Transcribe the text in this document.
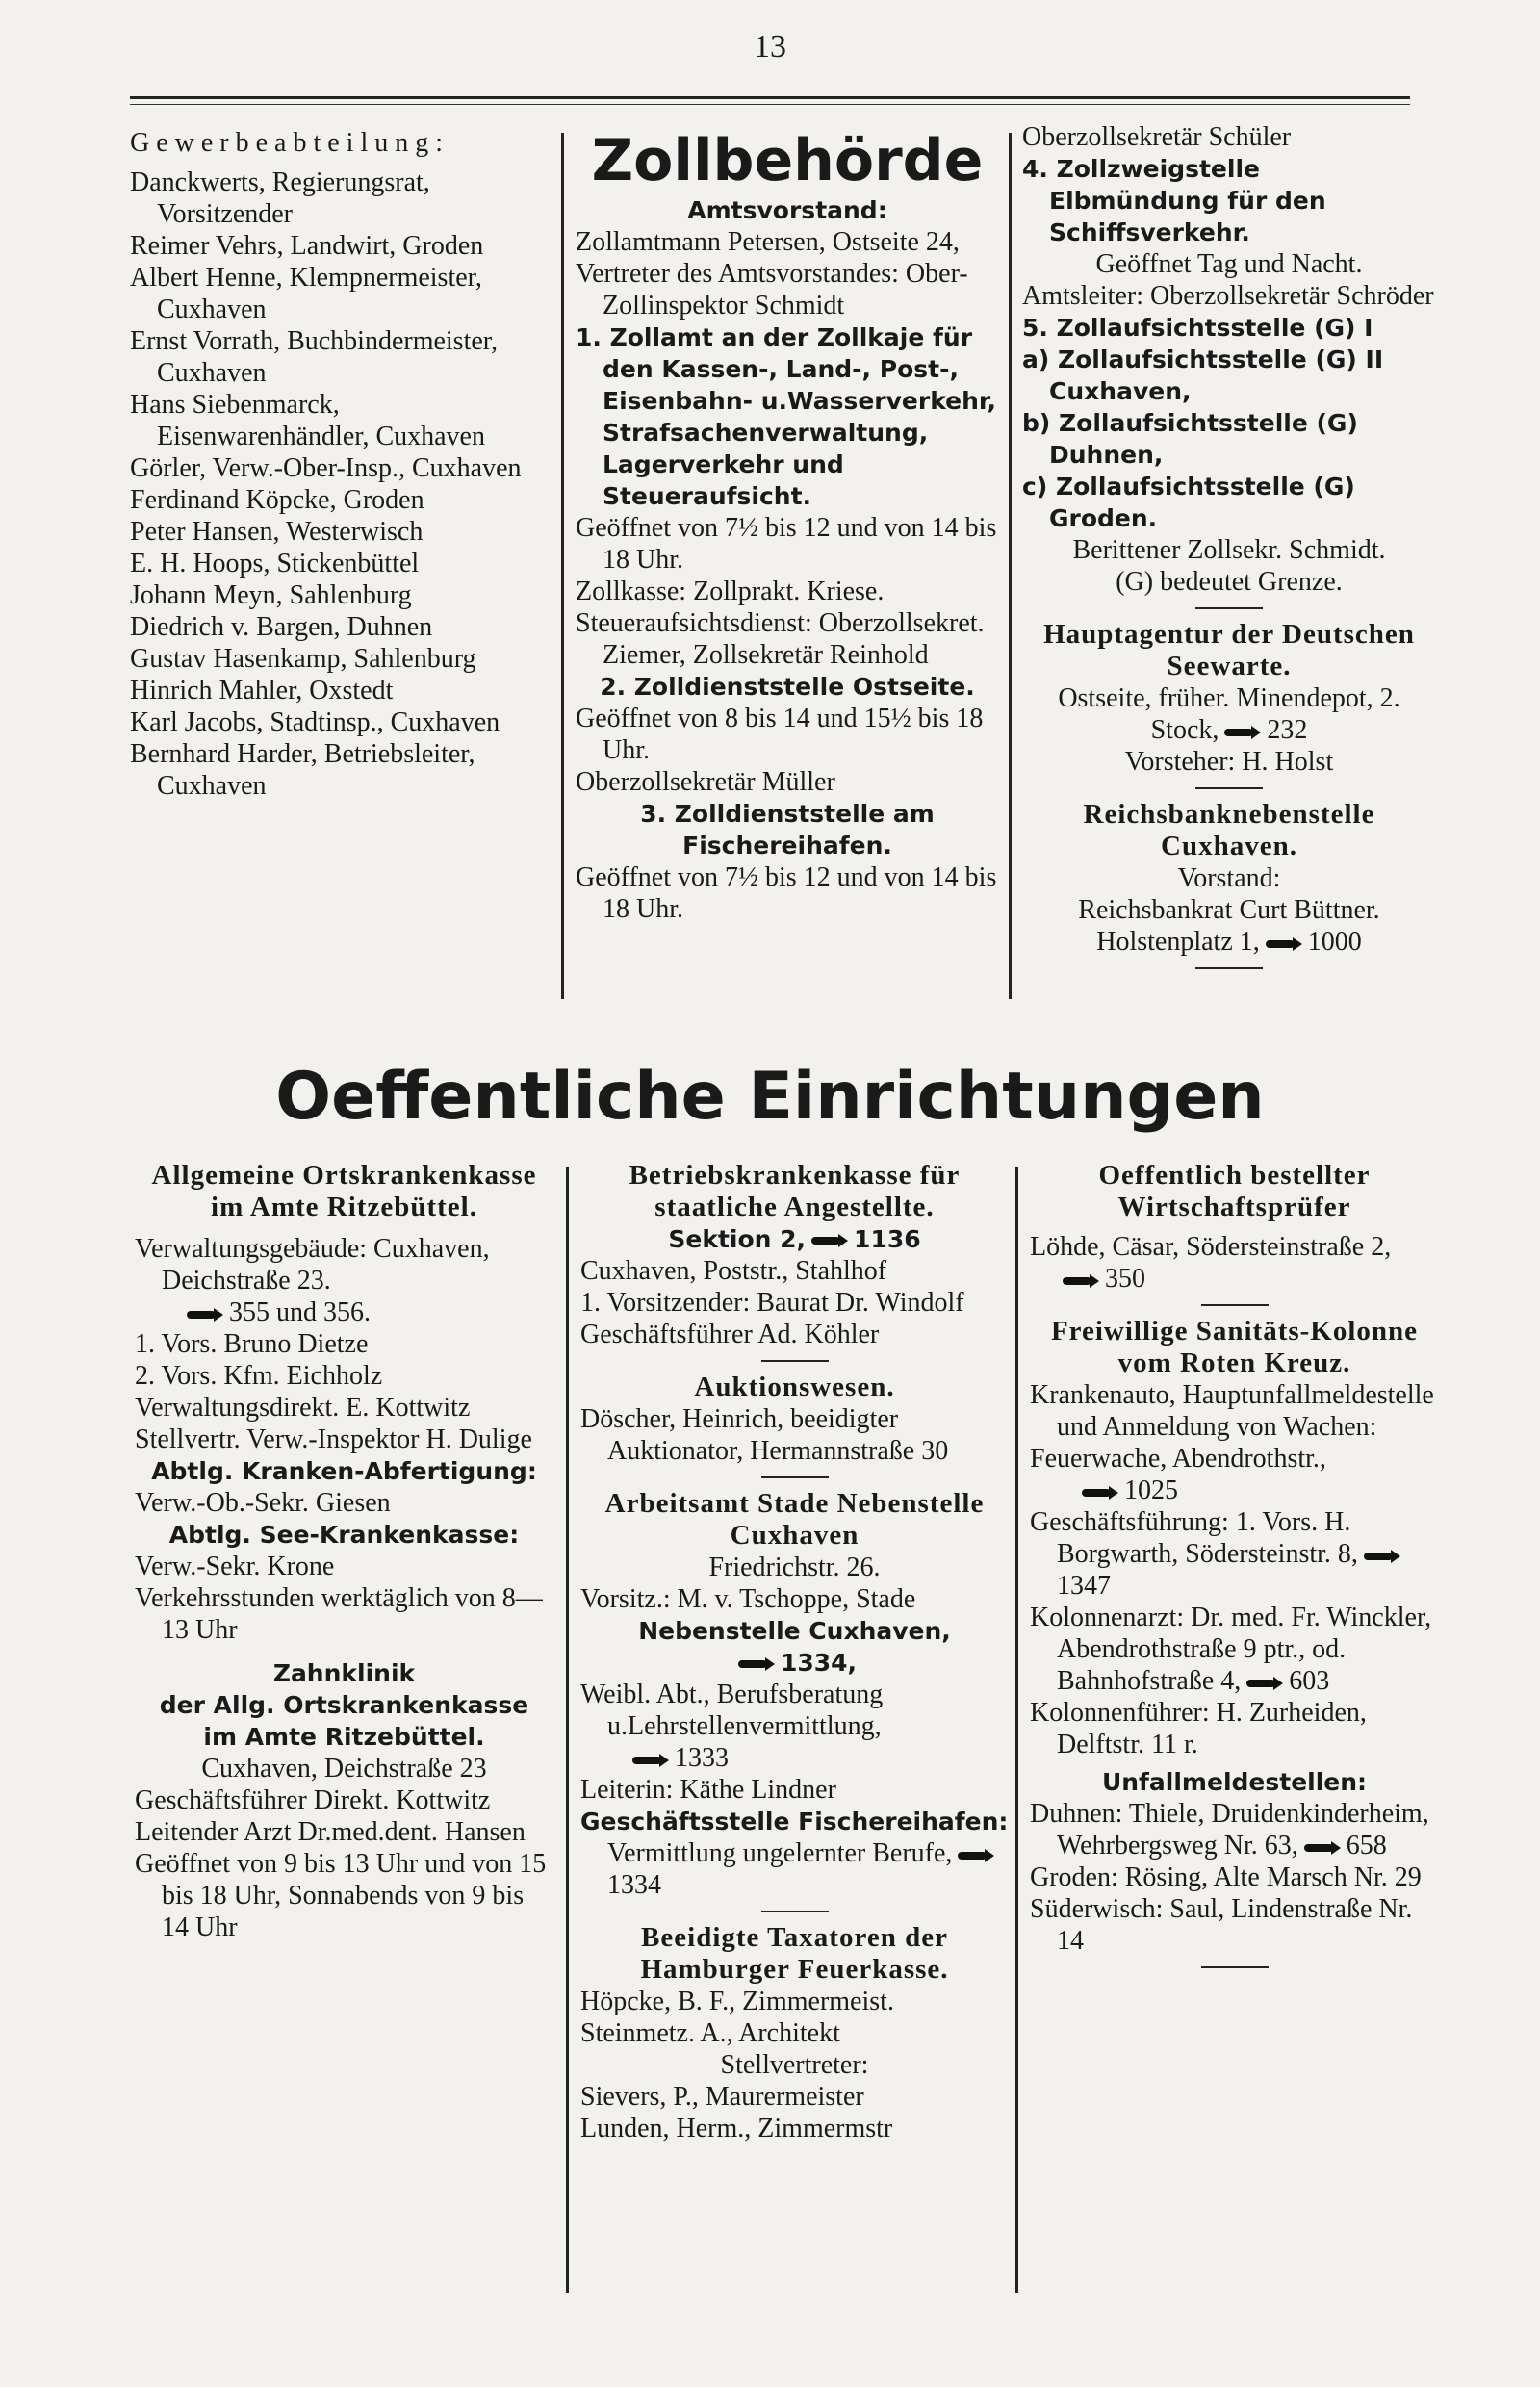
13

Gewerbeabteilung:

Danckwerts, Regierungsrat, Vorsitzender

Reimer Vehrs, Landwirt, Groden

Albert Henne, Klempnermeister, Cuxhaven

Ernst Vorrath, Buchbindermeister, Cuxhaven

Hans Siebenmarck, Eisenwarenhändler, Cuxhaven

Görler, Verw.-Ober-Insp., Cuxhaven

Ferdinand Köpcke, Groden

Peter Hansen, Westerwisch

E. H. Hoops, Stickenbüttel

Johann Meyn, Sahlenburg

Diedrich v. Bargen, Duhnen

Gustav Hasenkamp, Sahlenburg

Hinrich Mahler, Oxstedt

Karl Jacobs, Stadtinsp., Cuxhaven

Bernhard Harder, Betriebsleiter, Cuxhaven

Zollbehörde

Amtsvorstand:

Zollamtmann Petersen, Ostseite 24,

Vertreter des Amtsvorstandes: Ober-Zollinspektor Schmidt

1. Zollamt an der Zollkaje für den Kassen-, Land-, Post-, Eisenbahn- u.Wasserverkehr, Strafsachenverwaltung, Lagerverkehr und Steueraufsicht.

Geöffnet von 7½ bis 12 und von 14 bis 18 Uhr.

Zollkasse: Zollprakt. Kriese.

Steueraufsichtsdienst: Oberzollsekret. Ziemer, Zollsekretär Reinhold

2. Zolldienststelle Ostseite.

Geöffnet von 8 bis 14 und 15½ bis 18 Uhr.

Oberzollsekretär Müller

3. Zolldienststelle am Fischereihafen.

Geöffnet von 7½ bis 12 und von 14 bis 18 Uhr.

Oberzollsekretär Schüler

4. Zollzweigstelle Elbmündung für den Schiffsverkehr.

Geöffnet Tag und Nacht.

Amtsleiter: Oberzollsekretär Schröder

5. Zollaufsichtsstelle (G) I

a) Zollaufsichtsstelle (G) II Cuxhaven,

b) Zollaufsichtsstelle (G) Duhnen,

c) Zollaufsichtsstelle (G) Groden.

Berittener Zollsekr. Schmidt.

(G) bedeutet Grenze.

Hauptagentur der Deutschen Seewarte.

Ostseite, früher. Minendepot, 2. Stock, 232

Vorsteher: H. Holst

Reichsbanknebenstelle Cuxhaven.

Vorstand:

Reichsbankrat Curt Büttner.

Holstenplatz 1, 1000

Oeffentliche Einrichtungen

Allgemeine Ortskrankenkasse im Amte Ritzebüttel.

Verwaltungsgebäude: Cuxhaven, Deichstraße 23.

355 und 356.

1. Vors. Bruno Dietze

2. Vors. Kfm. Eichholz

Verwaltungsdirekt. E. Kottwitz

Stellvertr. Verw.-Inspektor H. Dulige

Abtlg. Kranken-Abfertigung:

Verw.-Ob.-Sekr. Giesen

Abtlg. See-Krankenkasse:

Verw.-Sekr. Krone

Verkehrsstunden werktäglich von 8—13 Uhr

Zahnklinik

der Allg. Ortskrankenkasse

im Amte Ritzebüttel.

Cuxhaven, Deichstraße 23

Geschäftsführer Direkt. Kottwitz

Leitender Arzt Dr.med.dent. Hansen

Geöffnet von 9 bis 13 Uhr und von 15 bis 18 Uhr, Sonnabends von 9 bis 14 Uhr

Betriebskrankenkasse für staatliche Angestellte.

Sektion 2, 1136

Cuxhaven, Poststr., Stahlhof

1. Vorsitzender: Baurat Dr. Windolf

Geschäftsführer Ad. Köhler

Auktionswesen.

Döscher, Heinrich, beeidigter Auktionator, Hermannstraße 30

Arbeitsamt Stade Nebenstelle Cuxhaven

Friedrichstr. 26.

Vorsitz.: M. v. Tschoppe, Stade

Nebenstelle Cuxhaven,

1334,

Weibl. Abt., Berufsberatung u.Lehrstellenvermittlung,

1333

Leiterin: Käthe Lindner

Geschäftsstelle Fischereihafen: Vermittlung ungelernter Berufe,1334

Beeidigte Taxatoren der Hamburger Feuerkasse.

Höpcke, B. F., Zimmermeist.

Steinmetz. A., Architekt

Stellvertreter:

Sievers, P., Maurermeister

Lunden, Herm., Zimmermstr

Oeffentlich bestellter Wirtschaftsprüfer

Löhde, Cäsar, Södersteinstraße 2,350

Freiwillige Sanitäts-Kolonne vom Roten Kreuz.

Krankenauto, Hauptunfallmeldestelle und Anmeldung von Wachen:

Feuerwache, Abendrothstr.,

1025

Geschäftsführung: 1. Vors. H. Borgwarth, Södersteinstr. 8,1347

Kolonnenarzt: Dr. med. Fr. Winckler, Abendrothstraße 9 ptr., od. Bahnhofstraße 4, 603

Kolonnenführer: H. Zurheiden, Delftstr. 11 r.

Unfallmeldestellen:

Duhnen: Thiele, Druidenkinderheim, Wehrbergsweg Nr. 63, 658

Groden: Rösing, Alte Marsch Nr. 29

Süderwisch: Saul, Lindenstraße Nr. 14
